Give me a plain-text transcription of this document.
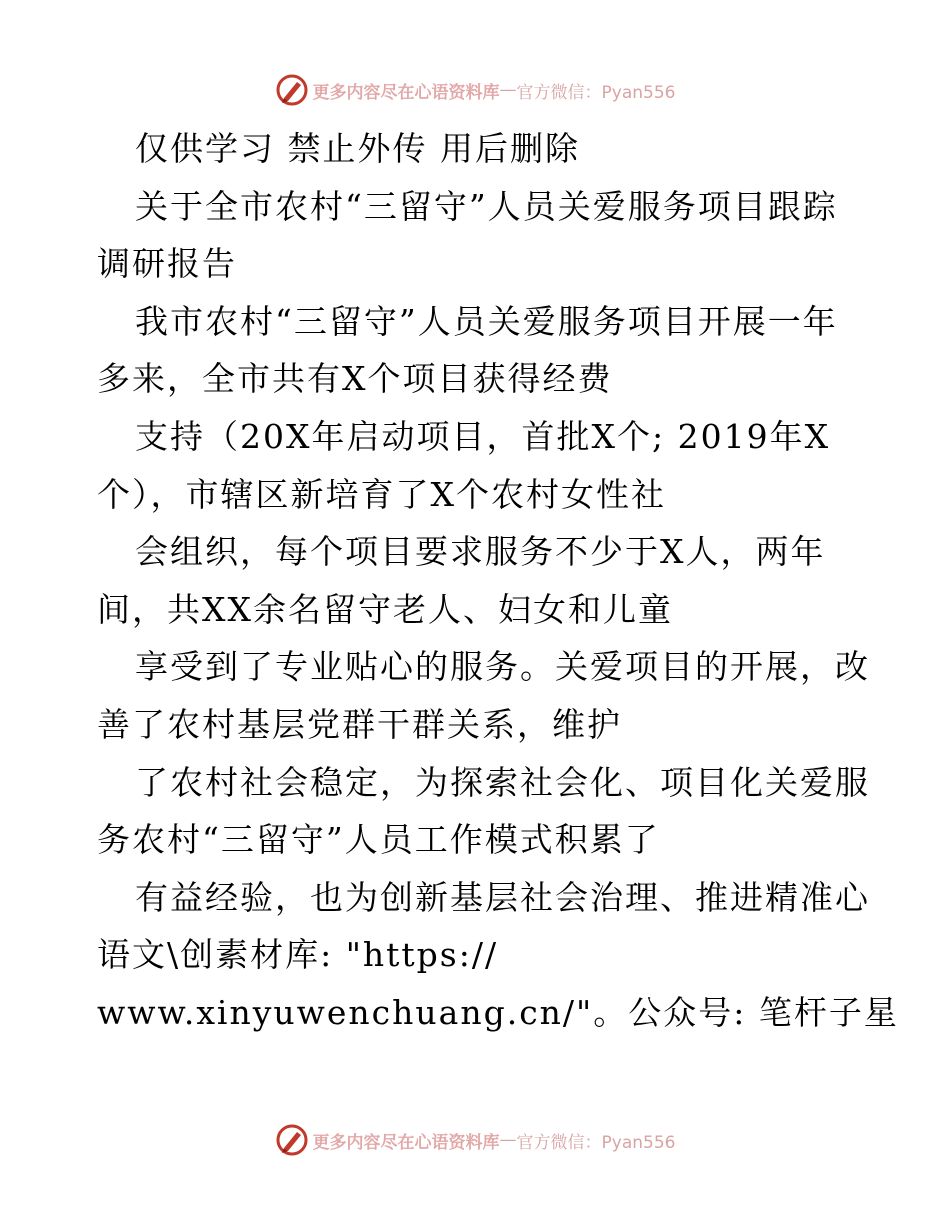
更多内容尽在心语资料库 — 官方微信：Pyan556

仅供学习 禁止外传 用后删除

关于全市农村“三留守”人员关爱服务项目跟踪

调研报告

我市农村“三留守”人员关爱服务项目开展一年

多来，全市共有X个项目获得经费

支持（20X年启动项目，首批X个; 2019年X

个），市辖区新培育了X个农村女性社

会组织，每个项目要求服务不少于X人，两年

间，共XX余名留守老人、妇女和儿童

享受到了专业贴心的服务。关爱项目的开展，改

善了农村基层党群干群关系，维护

了农村社会稳定，为探索社会化、项目化关爱服

务农村“三留守”人员工作模式积累了

有益经验，也为创新基层社会治理、推进精准心

语文\创素材库: "https://

www.xinyuwenchuang.cn/"。公众号: 笔杆子星

更多内容尽在心语资料库 — 官方微信：Pyan556
